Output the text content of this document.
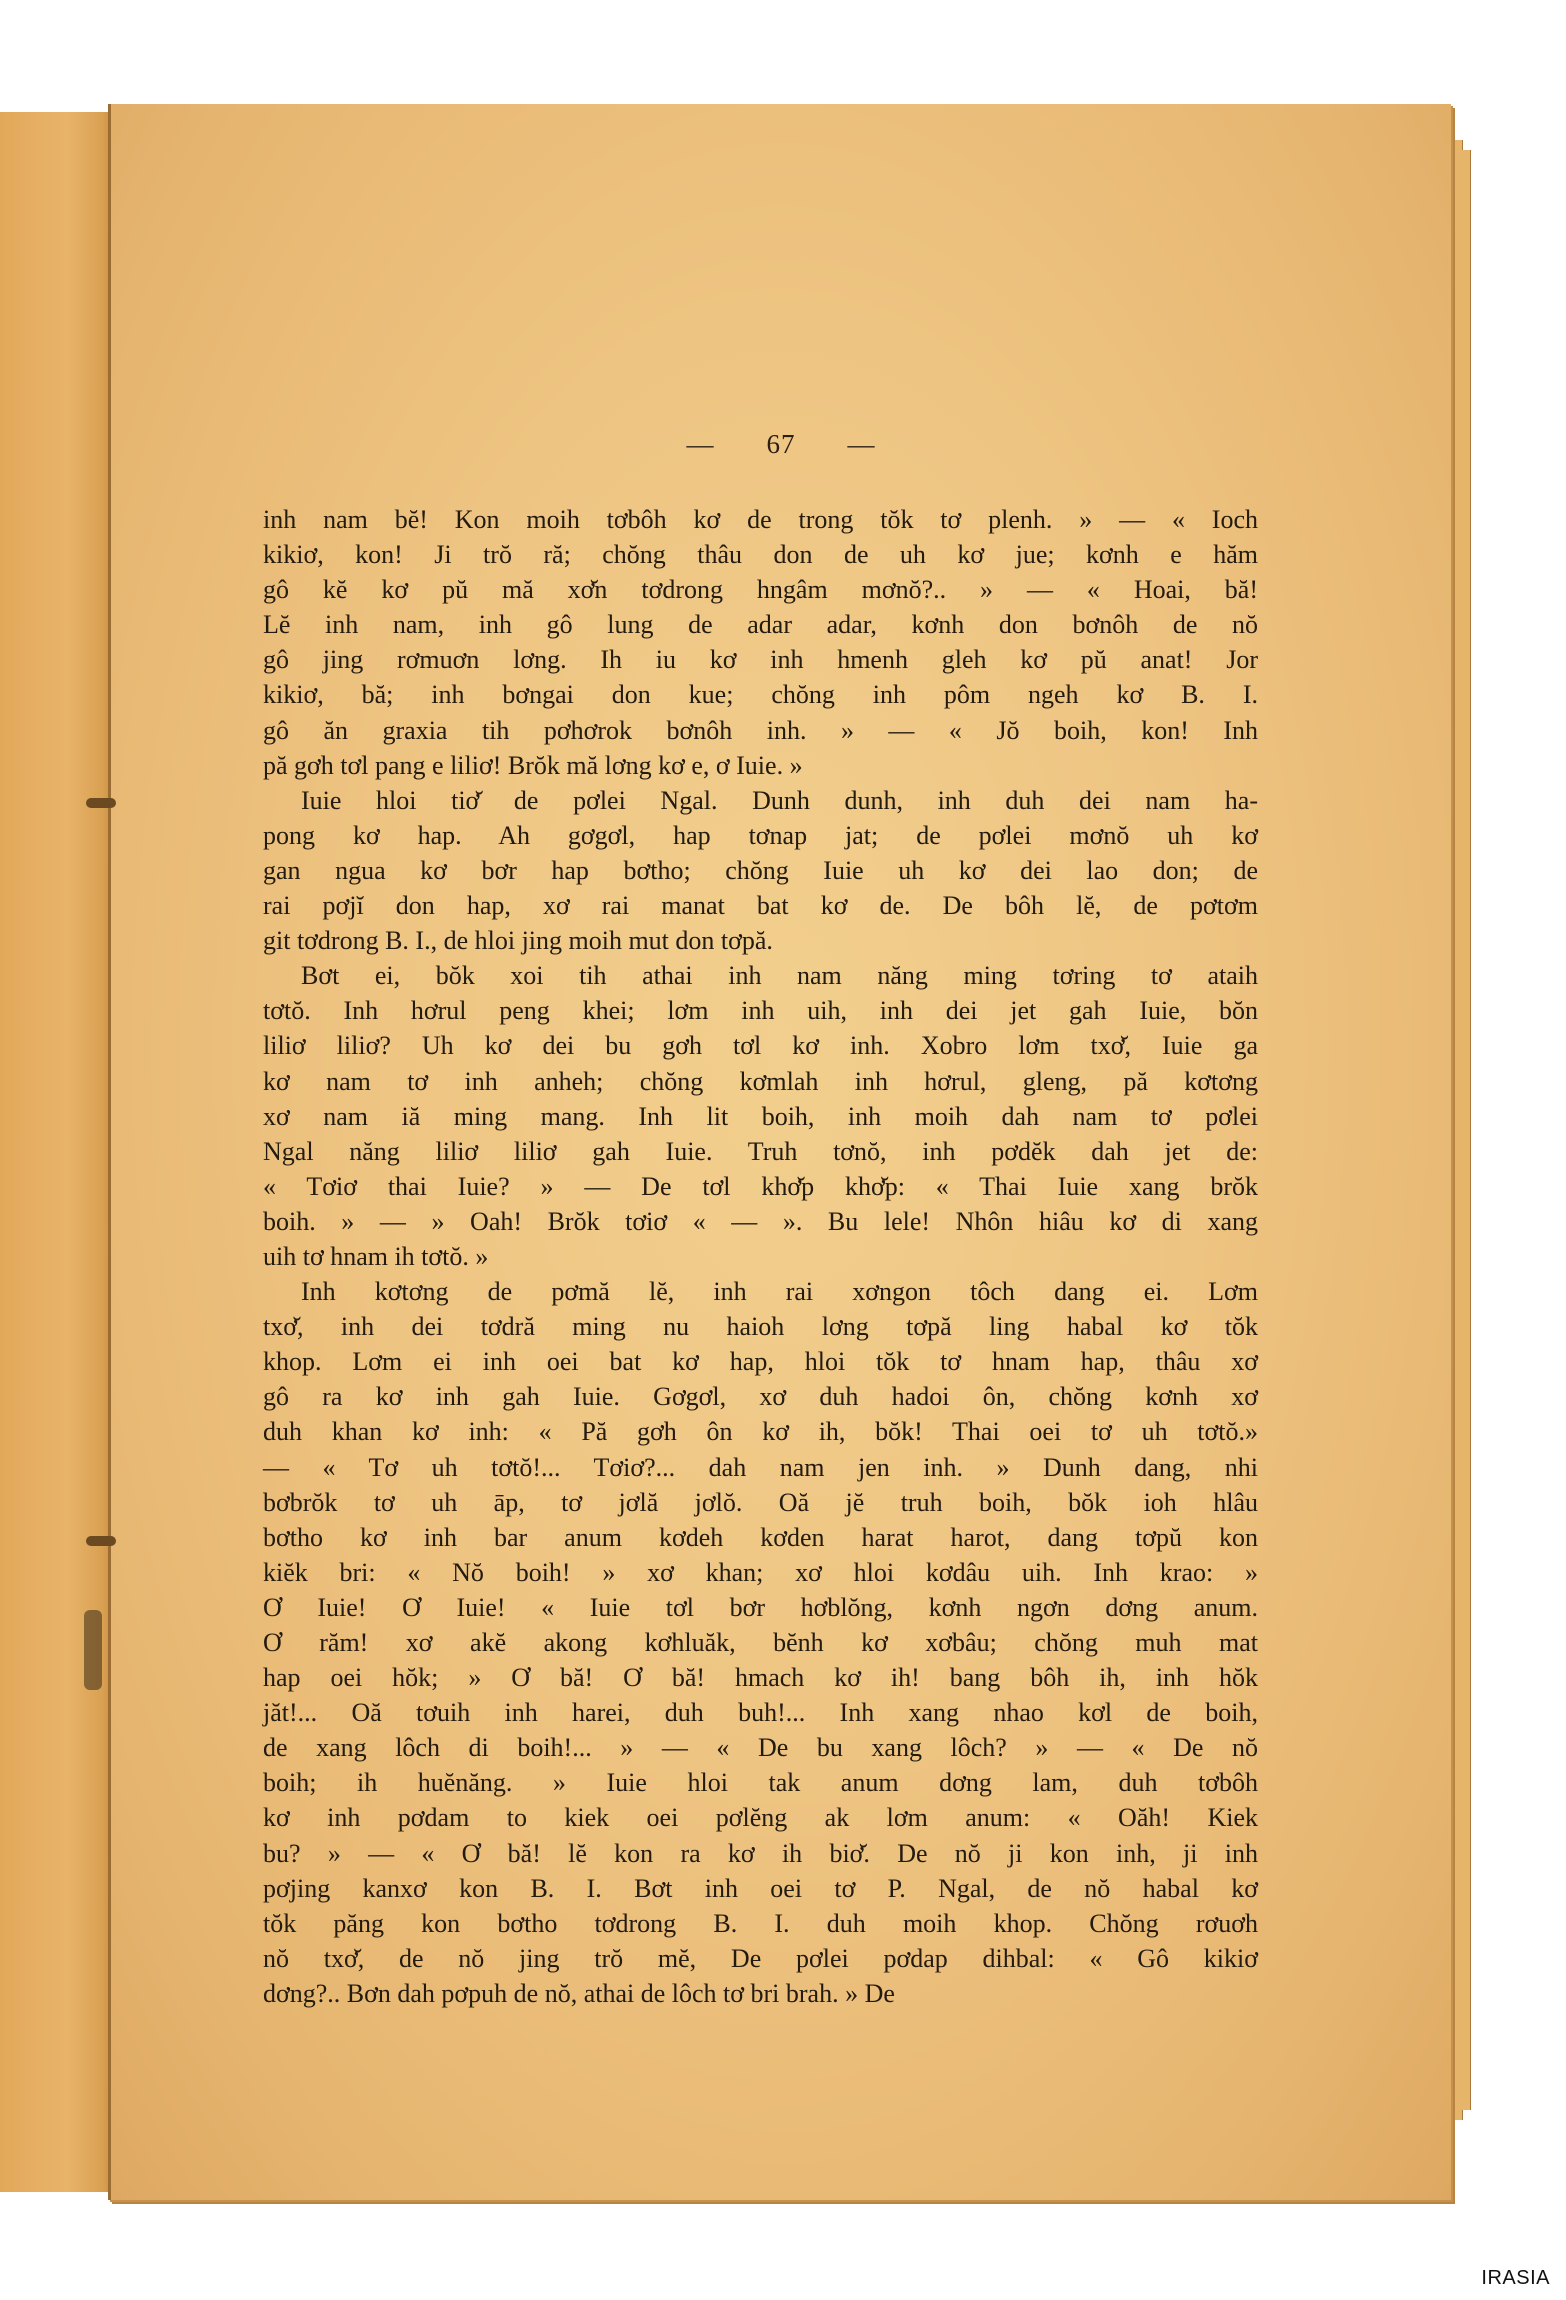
— 67 —

inh nam bĕ! Kon moih tơbôh kơ de trong tŏk tơ plenh. » — « Ioch
kikiơ, kon! Ji trŏ ră; chŏng thâu don de uh kơ jue; kơnh e hăm
gô kĕ kơ pŭ mă xơ̆n tơdrong hngâm mơnŏ?.. » — « Hoai, bă!
Lĕ inh nam, inh gô lung de adar adar, kơnh don bơnôh de nŏ
gô jing rơmuơn lơng. Ih iu kơ inh hmenh gleh kơ pŭ anat! Jor
kikiơ, bă; inh bơngai don kue; chŏng inh pôm ngeh kơ B. I.
gô ăn graxia tih pơhơrok bơnôh inh. » — « Jŏ boih, kon! Inh
pă gơh tơl pang e liliơ! Brŏk mă lơng kơ e, ơ Iuie. »

Iuie hloi tiơ̆ de pơlei Ngal. Dunh dunh, inh duh dei nam ha-
pong kơ hap. Ah gơgơl, hap tơnap jat; de pơlei mơnŏ uh kơ
gan ngua kơ bơr hap bơtho; chŏng Iuie uh kơ dei lao don; de
rai pơjĭ don hap, xơ rai manat bat kơ de. De bôh lĕ, de pơtơm
git tơdrong B. I., de hloi jing moih mut don tơpă.

Bơt ei, bŏk xoi tih athai inh nam năng ming tơring tơ ataih
tơtŏ. Inh hơrul peng khei; lơm inh uih, inh dei jet gah Iuie, bŏn
liliơ liliơ? Uh kơ dei bu gơh tơl kơ inh. Xobro lơm txơ̆, Iuie ga
kơ nam tơ inh anheh; chŏng kơmlah inh hơrul, gleng, pă kơtơng
xơ nam iă ming mang. Inh lit boih, inh moih dah nam tơ pơlei
Ngal năng liliơ liliơ gah Iuie. Truh tơnŏ, inh pơdĕk dah jet de:
« Tơiơ thai Iuie? » — De tơl khơ̆p khơ̆p: « Thai Iuie xang brŏk
boih. » — » Oah! Brŏk tơiơ « — ». Bu lele! Nhôn hiâu kơ di xang
uih tơ hnam ih tơtŏ. »

Inh kơtơng de pơmă lĕ, inh rai xơngon tôch dang ei. Lơm
txơ̆, inh dei tơdră ming nu haioh lơng tơpă ling habal kơ tŏk
khop. Lơm ei inh oei bat kơ hap, hloi tŏk tơ hnam hap, thâu xơ
gô ra kơ inh gah Iuie. Gơgơl, xơ duh hadoi ôn, chŏng kơnh xơ
duh khan kơ inh: « Pă gơh ôn kơ ih, bŏk! Thai oei tơ uh tơtŏ.»
— « Tơ uh tơtŏ!... Tơiơ?... dah nam jen inh. » Dunh dang, nhi
bơbrŏk tơ uh āp, tơ jơlă jơlŏ. Oă jĕ truh boih, bŏk ioh hlâu
bơtho kơ inh bar anum kơdeh kơden harat harot, dang tơpŭ kon
kiĕk bri: « Nŏ boih! » xơ khan; xơ hloi kơdâu uih. Inh krao: »
Ơ Iuie! Ơ Iuie! « Iuie tơl bơr hơblŏng, kơnh ngơn dơng anum.
Ơ răm! xơ akĕ akong kơhluăk, bĕnh kơ xơbâu; chŏng muh mat
hap oei hŏk; » Ơ bă! Ơ bă! hmach kơ ih! bang bôh ih, inh hŏk
jăt!... Oă tơuih inh harei, duh buh!... Inh xang nhao kơl de boih,
de xang lôch di boih!... » — « De bu xang lôch? » — « De nŏ
boih; ih huĕnăng. » Iuie hloi tak anum dơng lam, duh tơbôh
kơ inh pơdam to kiek oei pơlĕng ak lơm anum: « Oăh! Kiek
bu? » — « Ơ bă! lĕ kon ra kơ ih biơ̆. De nŏ ji kon inh, ji inh
pơjing kanxơ kon B. I. Bơt inh oei tơ P. Ngal, de nŏ habal kơ
tŏk păng kon bơtho tơdrong B. I. duh moih khop. Chŏng rơuơh
nŏ txơ̆, de nŏ jing trŏ mĕ, De pơlei pơdap dihbal: « Gô kikiơ
dơng?.. Bơn dah pơpuh de nŏ, athai de lôch tơ bri brah. » De

IRASIA
